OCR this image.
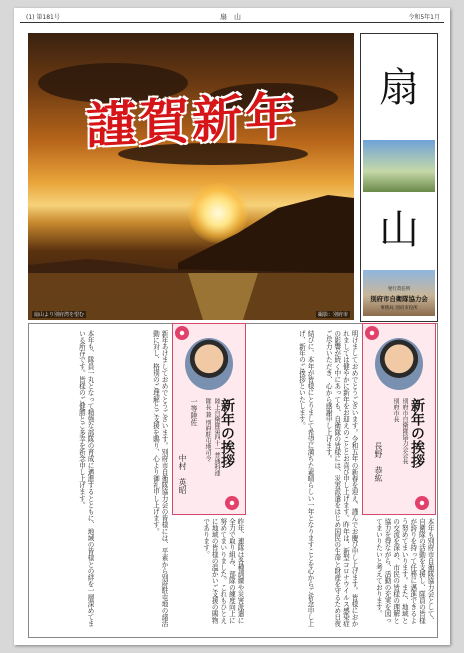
(1) 第181号	扇　山	令和5年1月
謹賀新年
扇山より別府湾を望む	撮影：別府市
扇
山
発行責任所
別府市自衛隊協力会
事務局 別府市役所
新年の挨拶
別府市自衛隊協力会会長 別府市長
長野　恭紘
新年の挨拶
陸上自衛隊第四十一普通科連隊長 兼 別府駐屯地司令
一等陸佐
中村　英昭	明けましておめでとうございます。令和五年の新春を迎え、謹んでお慶び申し上げます。皆様におかれましては健やかに新年をお迎えのこととお喜び申し上げます。昨年は、新型コロナウイルス感染症の影響が続く中にあっても、自衛隊の皆様には、災害派遣をはじめ国民の生命と財産を守るため日夜ご尽力いただき、心から感謝申し上げます。
本年も別府市自衛隊協力会として、自衛隊の活動を支援し、隊員の皆様が誇りを持って任務に邁進できるよう努めてまいります。また、地域との交流を深め、市民の皆様の理解と協力を得ながら、活動の充実を図ってまいりたいと考えております。
結びに、本年が皆様にとりまして希望に満ちた素晴らしい一年となりますことを心からご祈念申し上げ、新年のご挨拶といたします。
新年あけましておめでとうございます。別府市自衛隊協力会の皆様には、平素から別府駐屯地の諸活動に対し、格別のご理解とご支援を賜り、心より御礼申し上げます。
昨年、連隊は各種訓練や災害派遣に全力で取り組み、部隊の練度向上に努めてまいりました。これもひとえに地域の皆様の温かいご支援の賜物であります。
本年も、隊員一丸となって精強な部隊の育成に邁進するとともに、地域の皆様との絆を一層深めてまいる所存です。皆様のご健勝とご多幸を祈念申し上げます。
